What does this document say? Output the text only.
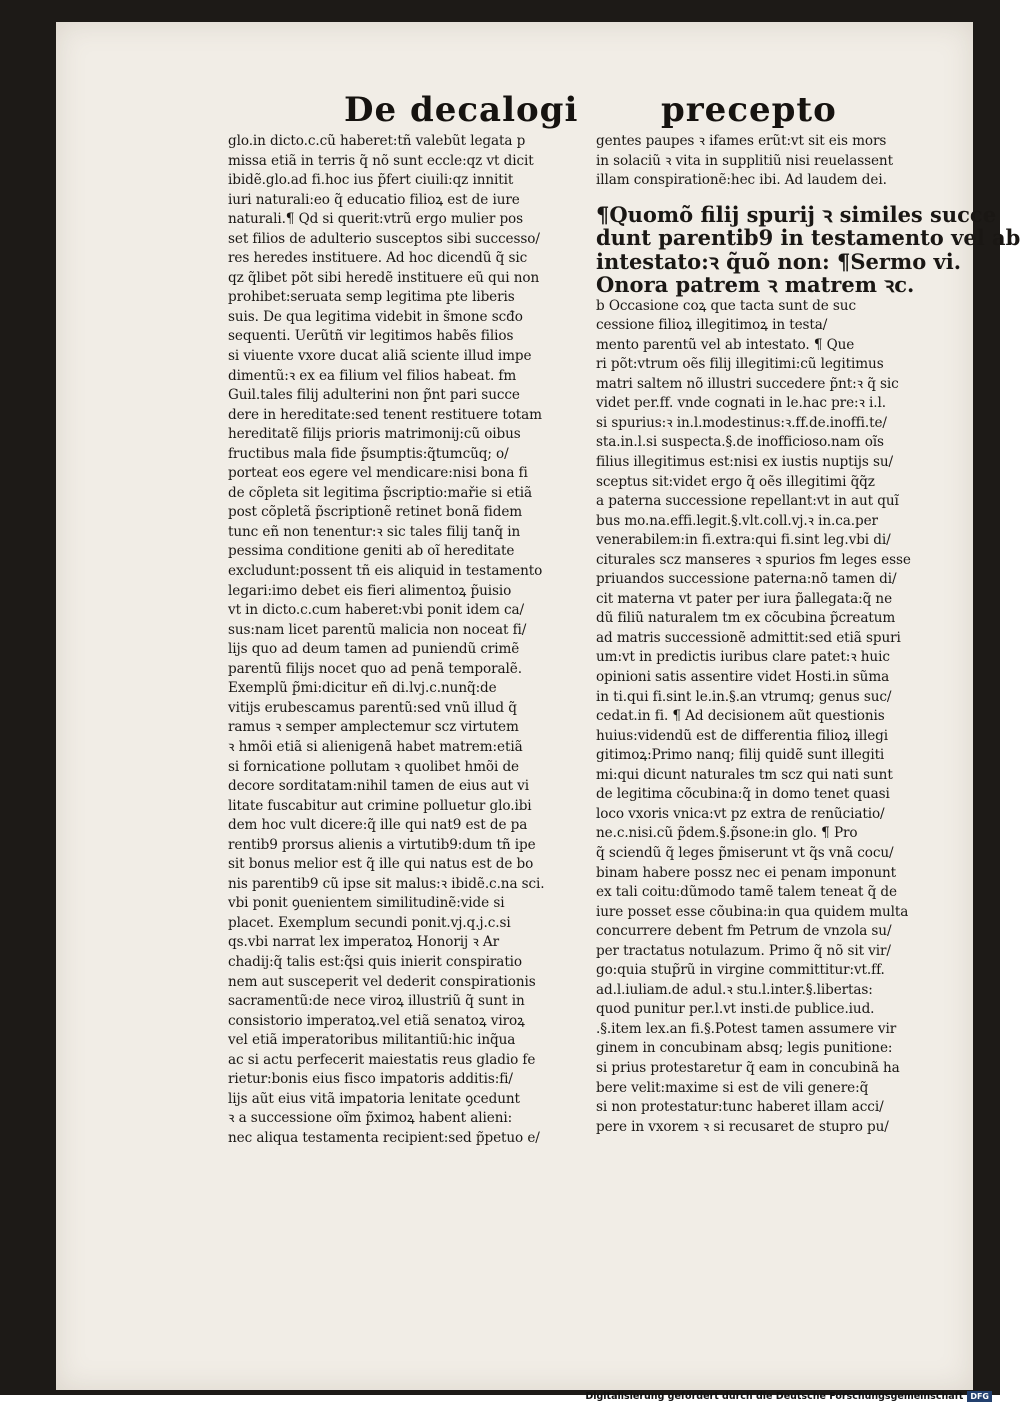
De decalogi precepto
glo.in dicto.c.cũ haberet:tñ valebũt legata p
missa etiã in terris q̃ nõ sunt eccle:qz vt dicit
ibidẽ.glo.ad fi.hoc ius p̃fert ciuili:qz innitit
iuri naturali:eo q̃ educatio filioꝝ est de iure
naturali.¶ Qd si querit:vtrũ ergo mulier pos
set filios de adulterio susceptos sibi successo/
res heredes instituere. Ad hoc dicendũ q̃ sic
qz q̃libet põt sibi heredẽ instituere eũ qui non
prohibet:seruata semp legitima pte liberis
suis. De qua legitima videbit in s̃mone scđo
sequenti. Uerũtñ vir legitimos habẽs filios
si viuente vxore ducat aliã sciente illud impe
dimentũ:ꝛ ex ea filium vel filios habeat. fm
Guil.tales filij adulterini non p̃nt pari succe
dere in hereditate:sed tenent restituere totam
hereditatẽ filijs prioris matrimonij:cũ oibus
fructibus mala fide p̃sumptis:q̃tumcũq; o/
porteat eos egere vel mendicare:nisi bona fi
de cõpleta sit legitima p̃scriptio:mařie si etiã
post cõpletã p̃scriptionẽ retinet bonã fidem
tunc eñ non tenentur:ꝛ sic tales filij tanq̃ in
pessima conditione geniti ab oĩ hereditate
excludunt:possent tñ eis aliquid in testamento
legari:imo debet eis fieri alimentoꝝ p̃uisio
vt in dicto.c.cum haberet:vbi ponit idem ca/
sus:nam licet parentũ malicia non noceat fi/
lijs quo ad deum tamen ad puniendũ crimẽ
parentũ filijs nocet quo ad penã temporalẽ.
Exemplũ p̃mi:dicitur eñ di.lvj.c.nunq̃:de
vitijs erubescamus parentũ:sed vnũ illud q̃
ramus ꝛ semper amplectemur scz virtutem
ꝛ hmõi etiã si alienigenã habet matrem:etiã
si fornicatione pollutam ꝛ quolibet hmõi de
decore sorditatam:nihil tamen de eius aut vi
litate fuscabitur aut crimine polluetur glo.ibi
dem hoc vult dicere:q̃ ille qui nat9 est de pa
rentib9 prorsus alienis a virtutib9:dum tñ ipe
sit bonus melior est q̃ ille qui natus est de bo
nis parentib9 cũ ipse sit malus:ꝛ ibidẽ.c.na sci.
vbi ponit ꝯuenientem similitudinẽ:vide si
placet. Exemplum secundi ponit.vj.q.j.c.si
qs.vbi narrat lex imperatoꝝ Honorij ꝛ Ar
chadij:q̃ talis est:q̃si quis inierit conspiratio
nem aut susceperit vel dederit conspirationis
sacramentũ:de nece viroꝝ illustriũ q̃ sunt in
consistorio imperatoꝝ.vel etiã senatoꝝ viroꝝ
vel etiã imperatoribus militantiũ:hic inq̃ua
ac si actu perfecerit maiestatis reus gladio fe
rietur:bonis eius fisco impatoris additis:fi/
lijs aũt eius vitã impatoria lenitate ꝯcedunt
ꝛ a successione oĩm p̃ximoꝝ habent alieni:
nec aliqua testamenta recipient:sed p̃petuo e/
gentes paupes ꝛ ifames erũt:vt sit eis mors
in solaciũ ꝛ vita in supplitiũ nisi reuelassent
illam conspirationẽ:hec ibi. Ad laudem dei.
¶Quomõ filij spurij ꝛ similes succe
dunt parentib9 in testamento vel ab
intestato:ꝛ q̃uõ non: ¶Sermo vi.
Onora patrem ꝛ matrem ꝛc.
b Occasione coꝝ que tacta sunt de suc
cessione filioꝝ illegitimoꝝ in testa/
mento parentũ vel ab intestato. ¶ Que
ri põt:vtrum oẽs filij illegitimi:cũ legitimus
matri saltem nõ illustri succedere p̃nt:ꝛ q̃ sic
videt per.ff. vnde cognati in le.hac pre:ꝛ i.l.
si spurius:ꝛ in.l.modestinus:ꝛ.ff.de.inoffi.te/
sta.in.l.si suspecta.§.de inofficioso.nam oĩs
filius illegitimus est:nisi ex iustis nuptijs su/
sceptus sit:videt ergo q̃ oẽs illegitimi q̃q̃z
a paterna successione repellant:vt in aut quĩ
bus mo.na.effi.legit.§.vlt.coll.vj.ꝛ in.ca.per
venerabilem:in fi.extra:qui fi.sint leg.vbi di/
citurales scz manseres ꝛ spurios fm leges esse
priuandos successione paterna:nõ tamen di/
cit materna vt pater per iura p̃allegata:q̃ ne
dũ filiũ naturalem tm ex cõcubina p̃creatum
ad matris successionẽ admittit:sed etiã spuri
um:vt in predictis iuribus clare patet:ꝛ huic
opinioni satis assentire videt Hosti.in sũma
in ti.qui fi.sint le.in.§.an vtrumq; genus suc/
cedat.in fi. ¶ Ad decisionem aũt questionis
huius:videndũ est de differentia filioꝝ illegi
gitimoꝝ:Primo nanq; filij quidẽ sunt illegiti
mi:qui dicunt naturales tm scz qui nati sunt
de legitima cõcubina:q̃ in domo tenet quasi
loco vxoris vnica:vt pz extra de renũciatio/
ne.c.nisi.cũ p̃dem.§.p̃sone:in glo. ¶ Pro
q̃ sciendũ q̃ leges p̃miserunt vt q̃s vnã cocu/
binam habere possz nec ei penam imponunt
ex tali coitu:dũmodo tamẽ talem teneat q̃ de
iure posset esse cõubina:in qua quidem multa
concurrere debent fm Petrum de vnzola su/
per tractatus notulazum. Primo q̃ nõ sit vir/
go:quia stup̃rũ in virgine committitur:vt.ff.
ad.l.iuliam.de adul.ꝛ stu.l.inter.§.libertas:
quod punitur per.l.vt insti.de publice.iud.
.§.item lex.an fi.§.Potest tamen assumere vir
ginem in concubinam absq; legis punitione:
si prius protestaretur q̃ eam in concubinã ha
bere velit:maxime si est de vili genere:q̃
si non protestatur:tunc haberet illam acci/
pere in vxorem ꝛ si recusaret de stupro pu/
Digitalisierung gefördert durch die Deutsche Forschungsgemeinschaft DFG
